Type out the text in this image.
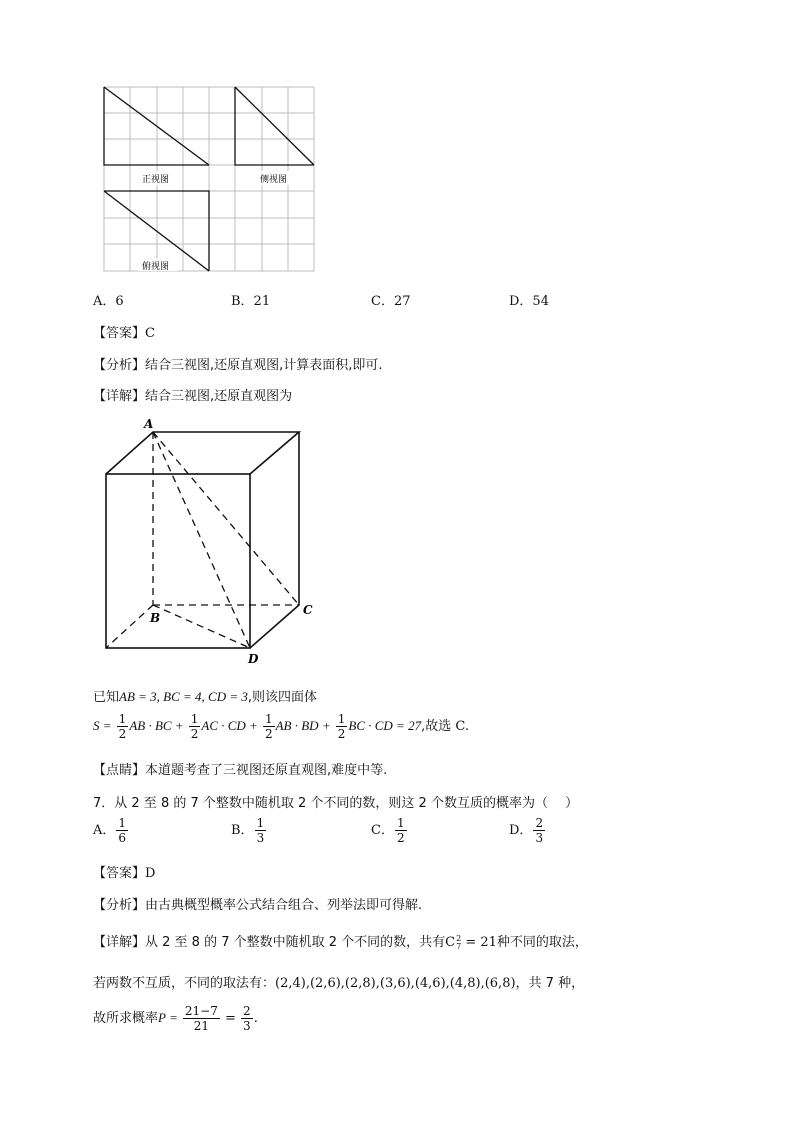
正视图	侧视图
俯视图
A．6	B．21	C．27	D．54
【答案】C
【分析】结合三视图,还原直观图,计算表面积,即可.
【详解】结合三视图,还原直观图为
A
B
C
D
已知AB = 3, BC = 4, CD = 3,则该四面体
$S = \frac{1}{2}$ AB · BC + $\frac{1}{2}$ AC · CD + $\frac{1}{2}$ AB · BD + $\frac{1}{2}$ BC · CD = 27,故选 C.
【点睛】本道题考查了三视图还原直观图,难度中等.
7．从 2 至 8 的 7 个整数中随机取 2 个不同的数，则这 2 个数互质的概率为（　 ）
A． $\frac{1}{6}$	B． $\frac{1}{3}$	C． $\frac{1}{2}$	D． $\frac{2}{3}$
【答案】D
【分析】由古典概型概率公式结合组合、列举法即可得解.
【详解】从 2 至 8 的 7 个整数中随机取 2 个不同的数，共有C 2
7 = 21种不同的取法，
若两数不互质，不同的取法有：(2,4),(2,6),(2,8),(3,6),(4,6),(4,8),(6,8)，共 7 种，
故所求概率$P = \frac{21-7}{21} = \frac{2}{3}$ .
